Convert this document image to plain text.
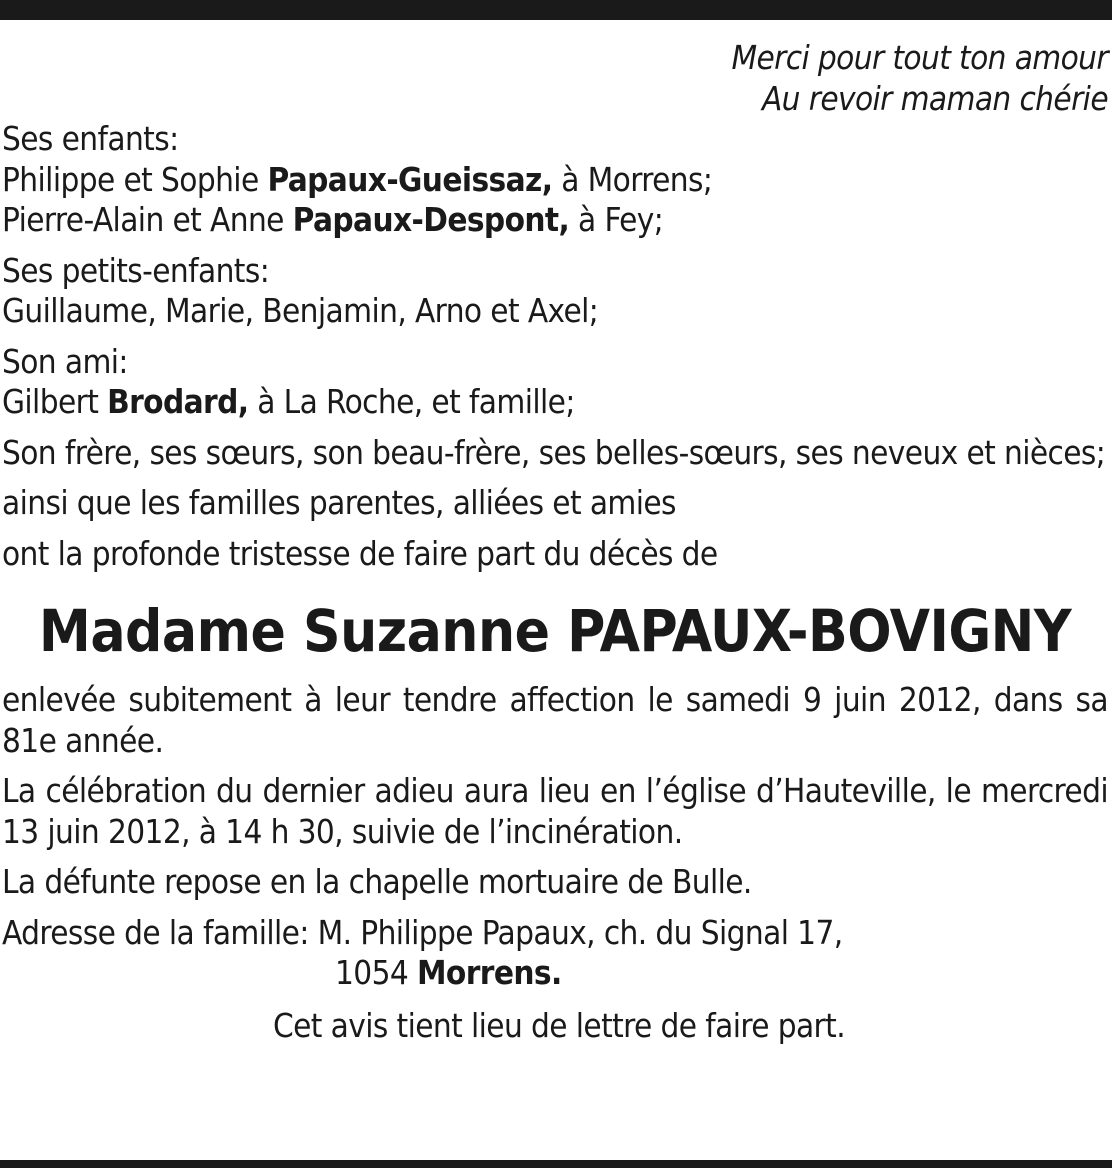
Merci pour tout ton amour
Au revoir maman chérie
Ses enfants:
Philippe et Sophie Papaux-Gueissaz, à Morrens;
Pierre-Alain et Anne Papaux-Despont, à Fey;
Ses petits-enfants:
Guillaume, Marie, Benjamin, Arno et Axel;
Son ami:
Gilbert Brodard, à La Roche, et famille;
Son frère, ses sœurs, son beau-frère, ses belles-sœurs, ses neveux et nièces;
ainsi que les familles parentes, alliées et amies
ont la profonde tristesse de faire part du décès de
Madame Suzanne PAPAUX-BOVIGNY
enlevée subitement à leur tendre affection le samedi 9 juin 2012, dans sa 81e année.
La célébration du dernier adieu aura lieu en l’église d’Hauteville, le mercredi 13 juin 2012, à 14 h 30, suivie de l’incinération.
La défunte repose en la chapelle mortuaire de Bulle.
Adresse de la famille: M. Philippe Papaux, ch. du Signal 17,
1054 Morrens.
Cet avis tient lieu de lettre de faire part.
